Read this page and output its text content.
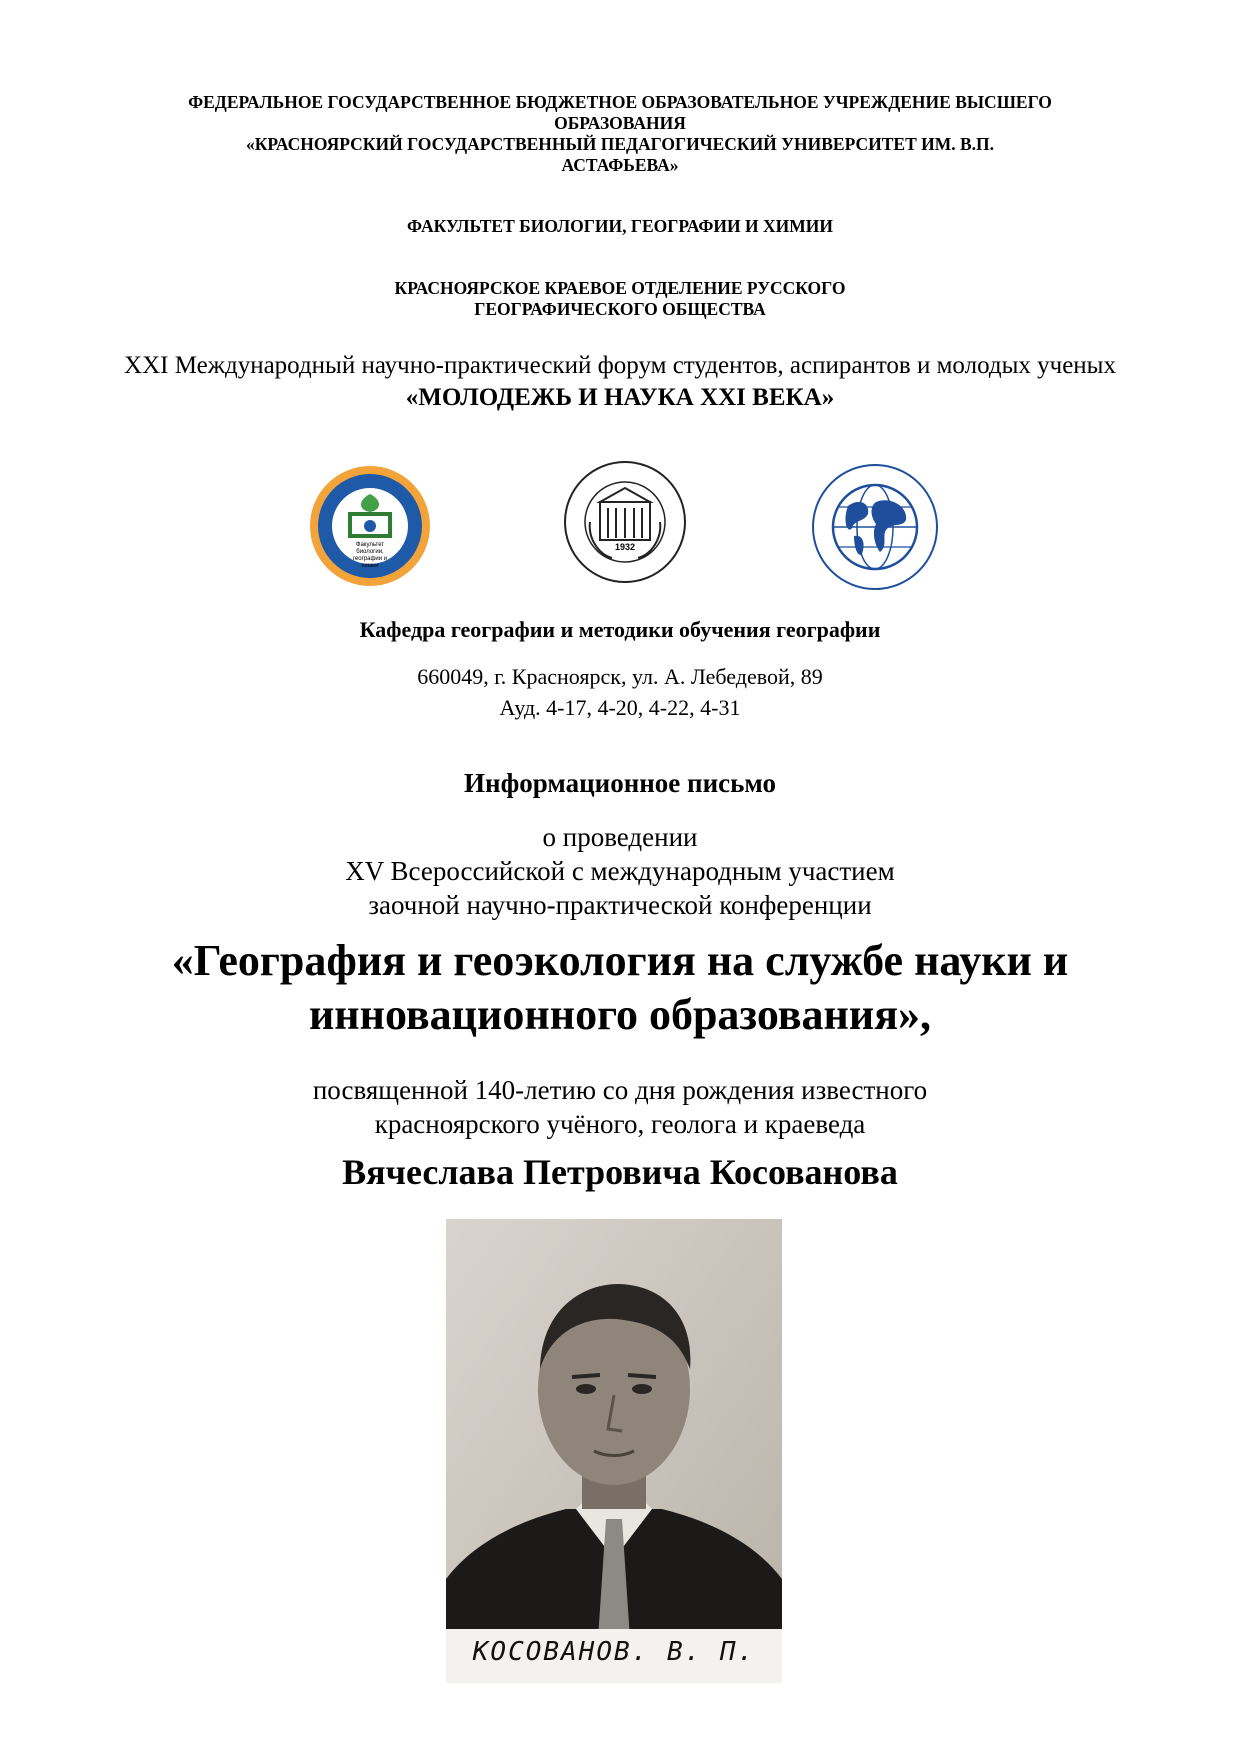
ФЕДЕРАЛЬНОЕ ГОСУДАРСТВЕННОЕ БЮДЖЕТНОЕ ОБРАЗОВАТЕЛЬНОЕ УЧРЕЖДЕНИЕ ВЫСШЕГО
ОБРАЗОВАНИЯ
«КРАСНОЯРСКИЙ ГОСУДАРСТВЕННЫЙ ПЕДАГОГИЧЕСКИЙ УНИВЕРСИТЕТ ИМ. В.П.
АСТАФЬЕВА»
ФАКУЛЬТЕТ БИОЛОГИИ, ГЕОГРАФИИ И ХИМИИ
КРАСНОЯРСКОЕ КРАЕВОЕ ОТДЕЛЕНИЕ РУССКОГО
ГЕОГРАФИЧЕСКОГО ОБЩЕСТВА
XXI Международный научно-практический форум студентов, аспирантов и молодых ученых
«МОЛОДЕЖЬ И НАУКА XXI ВЕКА»
Факультет биологии, географии и химии
1932
Кафедра географии и методики обучения географии
660049, г. Красноярск, ул. А. Лебедевой, 89
Ауд. 4-17, 4-20, 4-22, 4-31
Информационное письмо
о проведении
XV Всероссийской с международным участием
заочной научно-практической конференции
«География и геоэкология на службе науки и
инновационного образования»,
посвященной 140-летию со дня рождения известного
красноярского учёного, геолога и краеведа
Вячеслава Петровича Косованова
КОСОВАНОВ. В. П.
